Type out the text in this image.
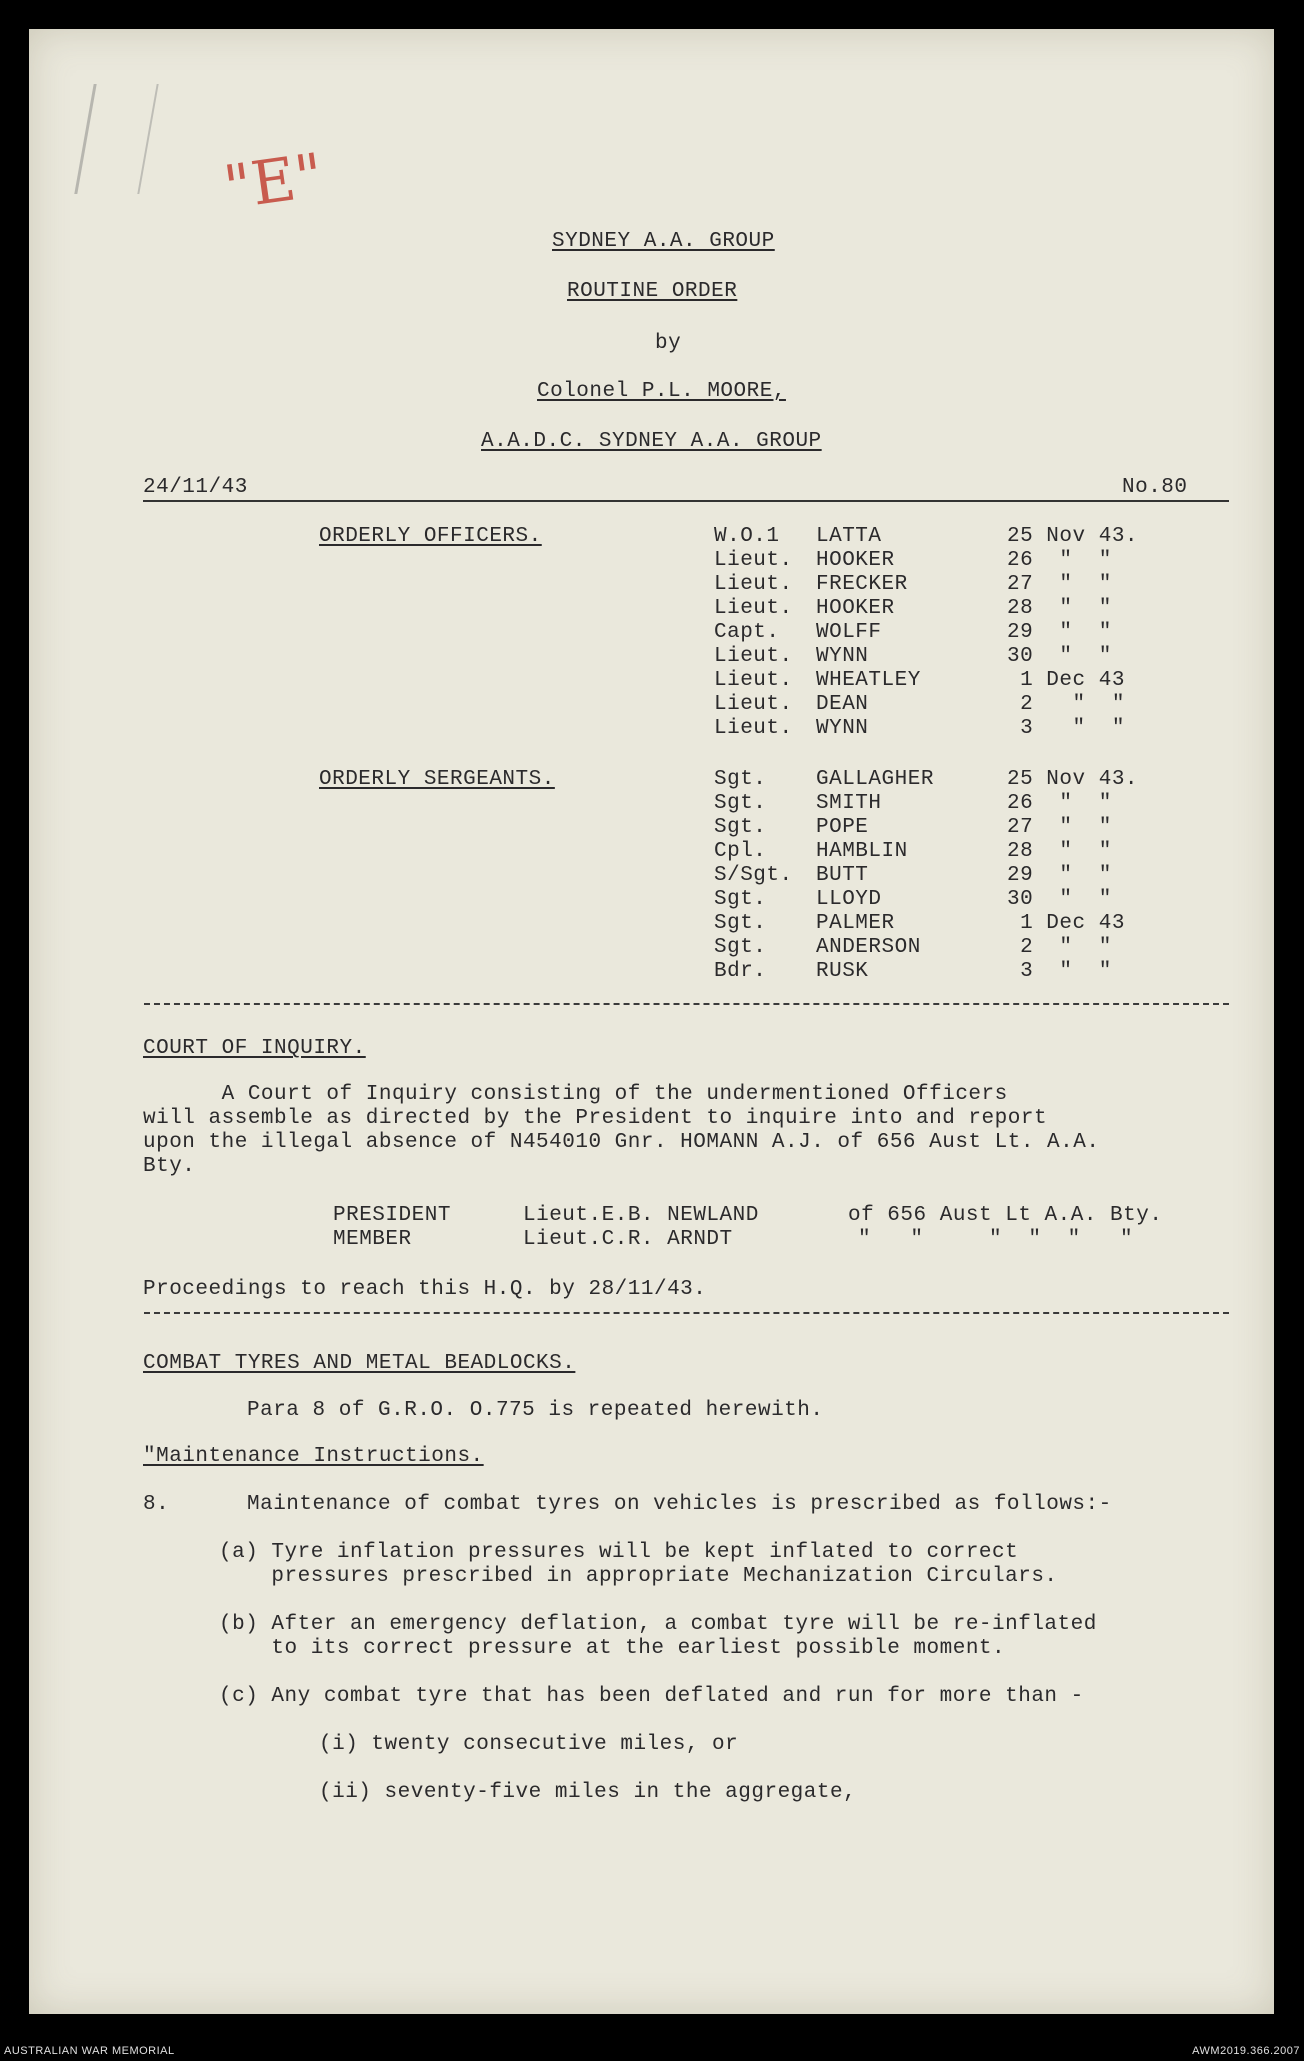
"E"
SYDNEY A.A. GROUP
ROUTINE ORDER
by
Colonel P.L. MOORE,
A.A.D.C. SYDNEY A.A. GROUP
24/11/43	No.80
ORDERLY OFFICERS.	W.O.1 LATTA	25 Nov 43.
Lieut. HOOKER	26  "  "
Lieut. FRECKER	27  "  "
Lieut. HOOKER	28  "  "
Capt. WOLFF	29  "  "
Lieut. WYNN	30  "  "
Lieut. WHEATLEY	1 Dec 43
Lieut. DEAN	2   "  "
Lieut. WYNN	3   "  "
ORDERLY SERGEANTS.	Sgt. GALLAGHER	25 Nov 43.
Sgt. SMITH	26  "  "
Sgt. POPE	27  "  "
Cpl. HAMBLIN	28  "  "
S/Sgt. BUTT	29  "  "
Sgt. LLOYD	30  "  "
Sgt. PALMER	1 Dec 43
Sgt. ANDERSON	2  "  "
Bdr. RUSK	3  "  "
COURT OF INQUIRY.
A Court of Inquiry consisting of the undermentioned Officers
will assemble as directed by the President to inquire into and report
upon the illegal absence of N454010 Gnr. HOMANN A.J. of 656 Aust Lt. A.A.
Bty.
PRESIDENT	Lieut.E.B. NEWLAND	of 656 Aust Lt A.A. Bty.
MEMBER	Lieut.C.R. ARNDT	"   "     "  "  "   "
Proceedings to reach this H.Q. by 28/11/43.
COMBAT TYRES AND METAL BEADLOCKS.
Para 8 of G.R.O. O.775 is repeated herewith.
"Maintenance Instructions.
8.	Maintenance of combat tyres on vehicles is prescribed as follows:-
(a) Tyre inflation pressures will be kept inflated to correct
pressures prescribed in appropriate Mechanization Circulars.
(b) After an emergency deflation, a combat tyre will be re-inflated
to its correct pressure at the earliest possible moment.
(c) Any combat tyre that has been deflated and run for more than -
(i) twenty consecutive miles, or
(ii) seventy-five miles in the aggregate,
AUSTRALIAN WAR MEMORIAL	AWM2019.366.2007
